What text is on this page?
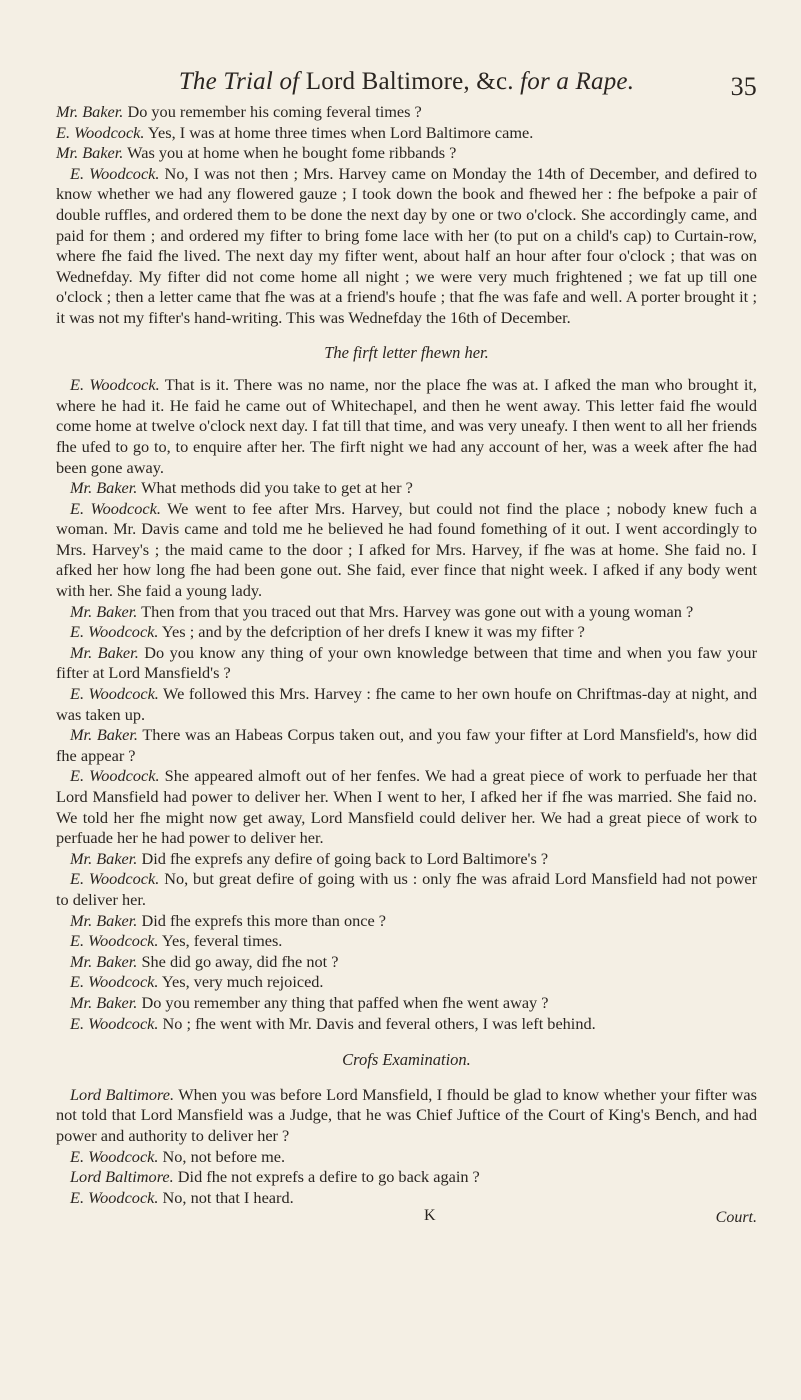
The Trial of Lord Baltimore, &c. for a Rape.	35

Mr. Baker. Do you remember his coming feveral times ?

E. Woodcock. Yes, I was at home three times when Lord Baltimore came.

Mr. Baker. Was you at home when he bought fome ribbands ?

E. Woodcock. No, I was not then ; Mrs. Harvey came on Monday the 14th of December, and defired to know whether we had any flowered gauze ; I took down the book and fhewed her : fhe befpoke a pair of double ruffles, and ordered them to be done the next day by one or two o'clock. She accordingly came, and paid for them ; and ordered my fifter to bring fome lace with her (to put on a child's cap) to Curtain-row, where fhe faid fhe lived. The next day my fifter went, about half an hour after four o'clock ; that was on Wednefday. My fifter did not come home all night ; we were very much frightened ; we fat up till one o'clock ; then a letter came that fhe was at a friend's houfe ; that fhe was fafe and well. A porter brought it ; it was not my fifter's hand-writing. This was Wednefday the 16th of December.

The firft letter fhewn her.

E. Woodcock. That is it. There was no name, nor the place fhe was at. I afked the man who brought it, where he had it. He faid he came out of Whitechapel, and then he went away. This letter faid fhe would come home at twelve o'clock next day. I fat till that time, and was very uneafy. I then went to all her friends fhe ufed to go to, to enquire after her. The firft night we had any account of her, was a week after fhe had been gone away.

Mr. Baker. What methods did you take to get at her ?

E. Woodcock. We went to fee after Mrs. Harvey, but could not find the place ; nobody knew fuch a woman. Mr. Davis came and told me he believed he had found fomething of it out. I went accordingly to Mrs. Harvey's ; the maid came to the door ; I afked for Mrs. Harvey, if fhe was at home. She faid no. I afked her how long fhe had been gone out. She faid, ever fince that night week. I afked if any body went with her. She faid a young lady.

Mr. Baker. Then from that you traced out that Mrs. Harvey was gone out with a young woman ?

E. Woodcock. Yes ; and by the defcription of her drefs I knew it was my fifter ?

Mr. Baker. Do you know any thing of your own knowledge between that time and when you faw your fifter at Lord Mansfield's ?

E. Woodcock. We followed this Mrs. Harvey : fhe came to her own houfe on Chriftmas-day at night, and was taken up.

Mr. Baker. There was an Habeas Corpus taken out, and you faw your fifter at Lord Mansfield's, how did fhe appear ?

E. Woodcock. She appeared almoft out of her fenfes. We had a great piece of work to perfuade her that Lord Mansfield had power to deliver her. When I went to her, I afked her if fhe was married. She faid no. We told her fhe might now get away, Lord Mansfield could deliver her. We had a great piece of work to perfuade her he had power to deliver her.

Mr. Baker. Did fhe exprefs any defire of going back to Lord Baltimore's ?

E. Woodcock. No, but great defire of going with us : only fhe was afraid Lord Mansfield had not power to deliver her.

Mr. Baker. Did fhe exprefs this more than once ?

E. Woodcock. Yes, feveral times.

Mr. Baker. She did go away, did fhe not ?

E. Woodcock. Yes, very much rejoiced.

Mr. Baker. Do you remember any thing that paffed when fhe went away ?

E. Woodcock. No ; fhe went with Mr. Davis and feveral others, I was left behind.

Crofs Examination.

Lord Baltimore. When you was before Lord Mansfield, I fhould be glad to know whether your fifter was not told that Lord Mansfield was a Judge, that he was Chief Juftice of the Court of King's Bench, and had power and authority to deliver her ?

E. Woodcock. No, not before me.

Lord Baltimore. Did fhe not exprefs a defire to go back again ?

E. Woodcock. No, not that I heard.

K	Court.
